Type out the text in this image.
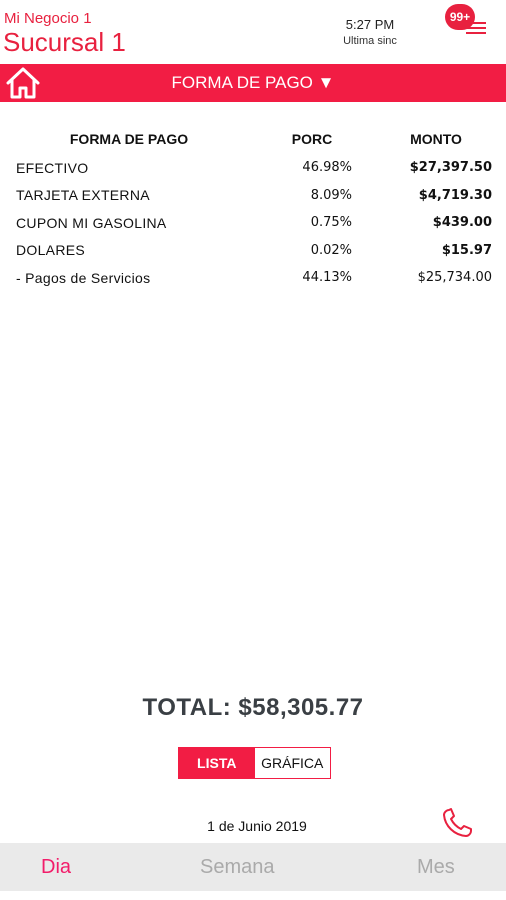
Mi Negocio 1
Sucursal 1
5:27 PM
Ultima sinc
99+
FORMA DE PAGO ▼
FORMA DE PAGO	PORC	MONTO
EFECTIVO	46.98%	$27,397.50
TARJETA EXTERNA	8.09%	$4,719.30
CUPON MI GASOLINA	0.75%	$439.00
DOLARES	0.02%	$15.97
- Pagos de Servicios	44.13%	$25,734.00
TOTAL: $58,305.77
LISTA	GRÁFICA
1 de Junio 2019
Dia	Semana	Mes
